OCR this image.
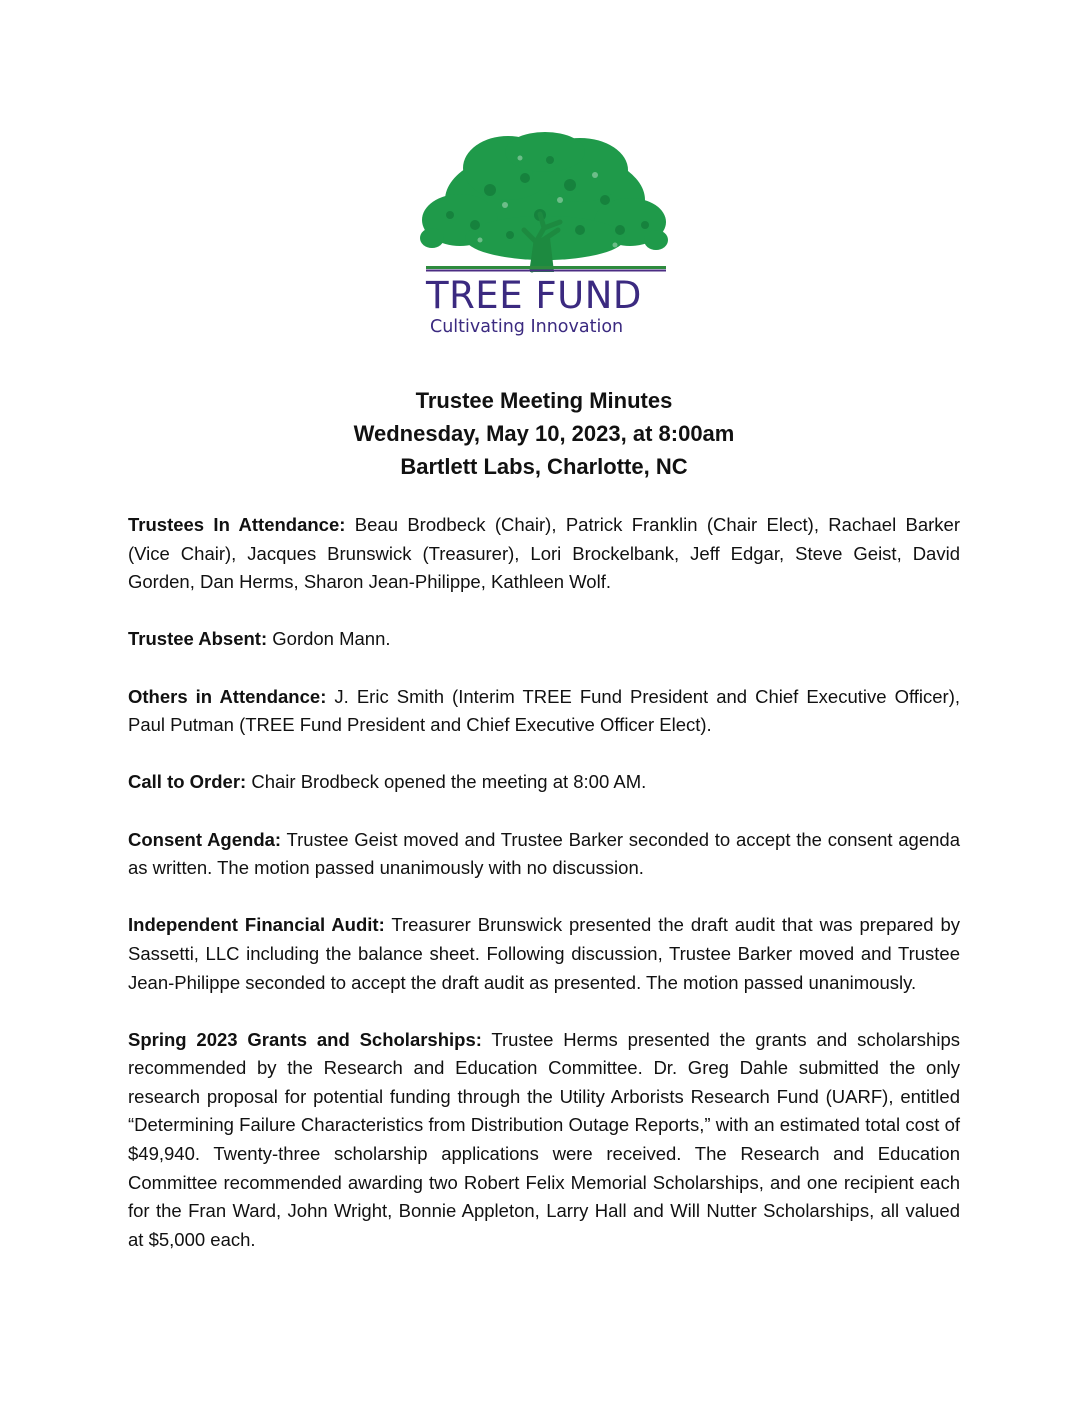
TREE FUND
Cultivating Innovation
Trustee Meeting Minutes
Wednesday, May 10, 2023, at 8:00am
Bartlett Labs, Charlotte, NC

Trustees In Attendance: Beau Brodbeck (Chair), Patrick Franklin (Chair Elect), Rachael Barker (Vice Chair), Jacques Brunswick (Treasurer), Lori Brockelbank, Jeff Edgar, Steve Geist, David Gorden, Dan Herms, Sharon Jean-Philippe, Kathleen Wolf.

Trustee Absent: Gordon Mann.

Others in Attendance: J. Eric Smith (Interim TREE Fund President and Chief Executive Officer), Paul Putman (TREE Fund President and Chief Executive Officer Elect).

Call to Order: Chair Brodbeck opened the meeting at 8:00 AM.

Consent Agenda: Trustee Geist moved and Trustee Barker seconded to accept the consent agenda as written. The motion passed unanimously with no discussion.

Independent Financial Audit: Treasurer Brunswick presented the draft audit that was prepared by Sassetti, LLC including the balance sheet. Following discussion, Trustee Barker moved and Trustee Jean-Philippe seconded to accept the draft audit as presented. The motion passed unanimously.

Spring 2023 Grants and Scholarships: Trustee Herms presented the grants and scholarships recommended by the Research and Education Committee. Dr. Greg Dahle submitted the only research proposal for potential funding through the Utility Arborists Research Fund (UARF), entitled “Determining Failure Characteristics from Distribution Outage Reports,” with an estimated total cost of $49,940. Twenty-three scholarship applications were received. The Research and Education Committee recommended awarding two Robert Felix Memorial Scholarships, and one recipient each for the Fran Ward, John Wright, Bonnie Appleton, Larry Hall and Will Nutter Scholarships, all valued at $5,000 each.
